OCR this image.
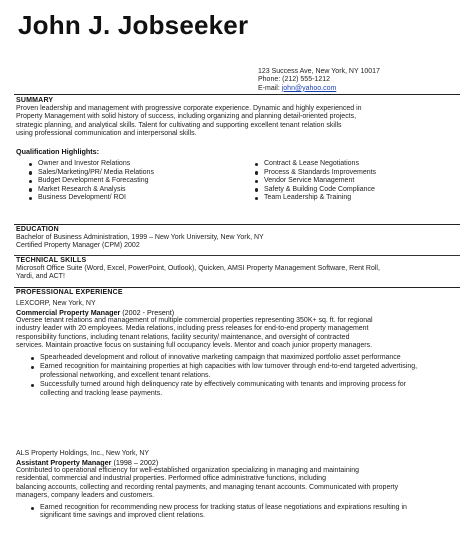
John J. Jobseeker
123 Success Ave, New York, NY 10017
Phone: (212) 555-1212
E-mail: john@yahoo.com
SUMMARY
Proven leadership and management with progressive corporate experience. Dynamic and highly experienced in
Property Management with solid history of success, including organizing and planning detail-oriented projects,
strategic planning, and analytical skills. Talent for cultivating and supporting excellent tenant relation skills
using professional communication and interpersonal skills.
Qualification Highlights:
Owner and Investor Relations
Sales/Marketing/PR/ Media Relations
Budget Development & Forecasting
Market Research & Analysis
Business Development/ ROI
Contract & Lease Negotiations
Process & Standards Improvements
Vendor Service Management
Safety & Building Code Compliance
Team Leadership & Training
EDUCATION
Bachelor of Business Administration, 1999 – New York University, New York, NY
Certified Property Manager (CPM) 2002
TECHNICAL SKILLS
Microsoft Office Suite (Word, Excel, PowerPoint, Outlook), Quicken, AMSI Property Management Software, Rent Roll,
Yardi, and ACT!
PROFESSIONAL EXPERIENCE
LEXCORP, New York, NY
Commercial Property Manager (2002 - Present)
Oversee tenant relations and management of multiple commercial properties representing 350K+ sq. ft. for regional
industry leader with 20 employees. Media relations, including press releases for end-to-end property management
responsibility functions, including tenant relations, facility security/ maintenance, and oversight of contracted
services. Maintain proactive focus on sustaining full occupancy levels. Mentor and coach junior property managers.
Spearheaded development and rollout of innovative marketing campaign that maximized portfolio asset performance
Earned recognition for maintaining properties at high capacities with low turnover through end-to-end targeted advertising, professional networking, and excellent tenant relations.
Successfully turned around high delinquency rate by effectively communicating with tenants and improving process for collecting and tracking lease payments.
ALS Property Holdings, Inc., New York, NY
Assistant Property Manager (1998 – 2002)
Contributed to operational efficiency for well-established organization specializing in managing and maintaining
residential, commercial and industrial properties. Performed office administrative functions, including
balancing accounts, collecting and recording rental payments, and managing tenant accounts. Communicated with property
managers, company leaders and customers.
Earned recognition for recommending new process for tracking status of lease negotiations and expirations resulting in significant time savings and improved client relations.
